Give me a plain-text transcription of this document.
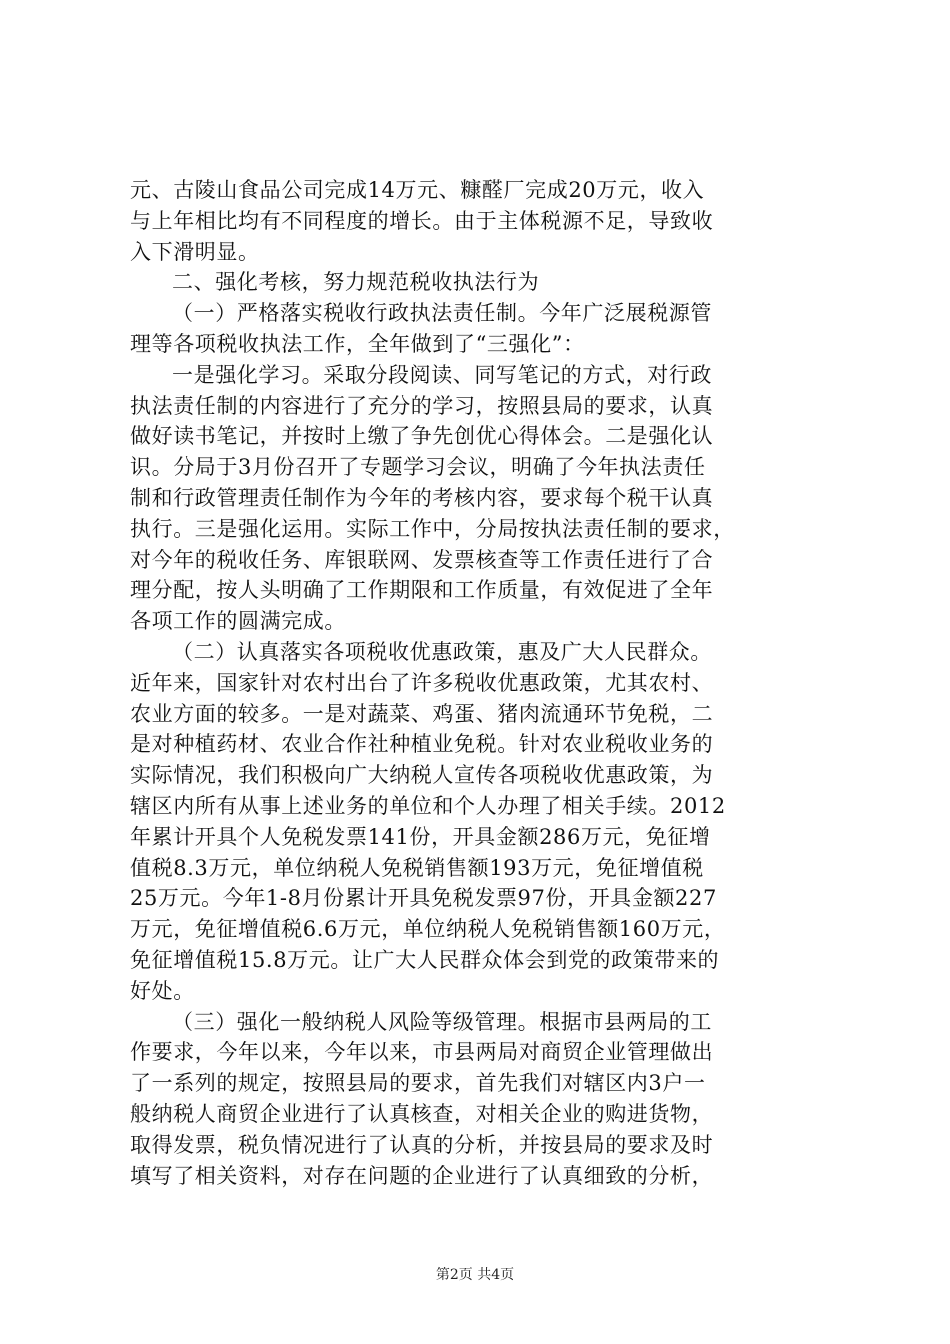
元、古陵山食品公司完成14万元、糠醛厂完成20万元，收入
与上年相比均有不同程度的增长。由于主体税源不足，导致收
入下滑明显。
二、强化考核，努力规范税收执法行为
（一）严格落实税收行政执法责任制。今年广泛展税源管
理等各项税收执法工作，全年做到了“三强化”：
一是强化学习。采取分段阅读、同写笔记的方式，对行政
执法责任制的内容进行了充分的学习，按照县局的要求，认真
做好读书笔记，并按时上缴了争先创优心得体会。二是强化认
识。分局于3月份召开了专题学习会议，明确了今年执法责任
制和行政管理责任制作为今年的考核内容，要求每个税干认真
执行。三是强化运用。实际工作中，分局按执法责任制的要求，
对今年的税收任务、库银联网、发票核查等工作责任进行了合
理分配，按人头明确了工作期限和工作质量，有效促进了全年
各项工作的圆满完成。
（二）认真落实各项税收优惠政策，惠及广大人民群众。
近年来，国家针对农村出台了许多税收优惠政策，尤其农村、
农业方面的较多。一是对蔬菜、鸡蛋、猪肉流通环节免税，二
是对种植药材、农业合作社种植业免税。针对农业税收业务的
实际情况，我们积极向广大纳税人宣传各项税收优惠政策，为
辖区内所有从事上述业务的单位和个人办理了相关手续。2012
年累计开具个人免税发票141份，开具金额286万元，免征增
值税8.3万元，单位纳税人免税销售额193万元，免征增值税
25万元。今年1-8月份累计开具免税发票97份，开具金额227
万元，免征增值税6.6万元，单位纳税人免税销售额160万元，
免征增值税15.8万元。让广大人民群众体会到党的政策带来的
好处。
（三）强化一般纳税人风险等级管理。根据市县两局的工
作要求，今年以来，今年以来，市县两局对商贸企业管理做出
了一系列的规定，按照县局的要求，首先我们对辖区内3户一
般纳税人商贸企业进行了认真核查，对相关企业的购进货物，
取得发票，税负情况进行了认真的分析，并按县局的要求及时
填写了相关资料，对存在问题的企业进行了认真细致的分析，
第2页 共4页
